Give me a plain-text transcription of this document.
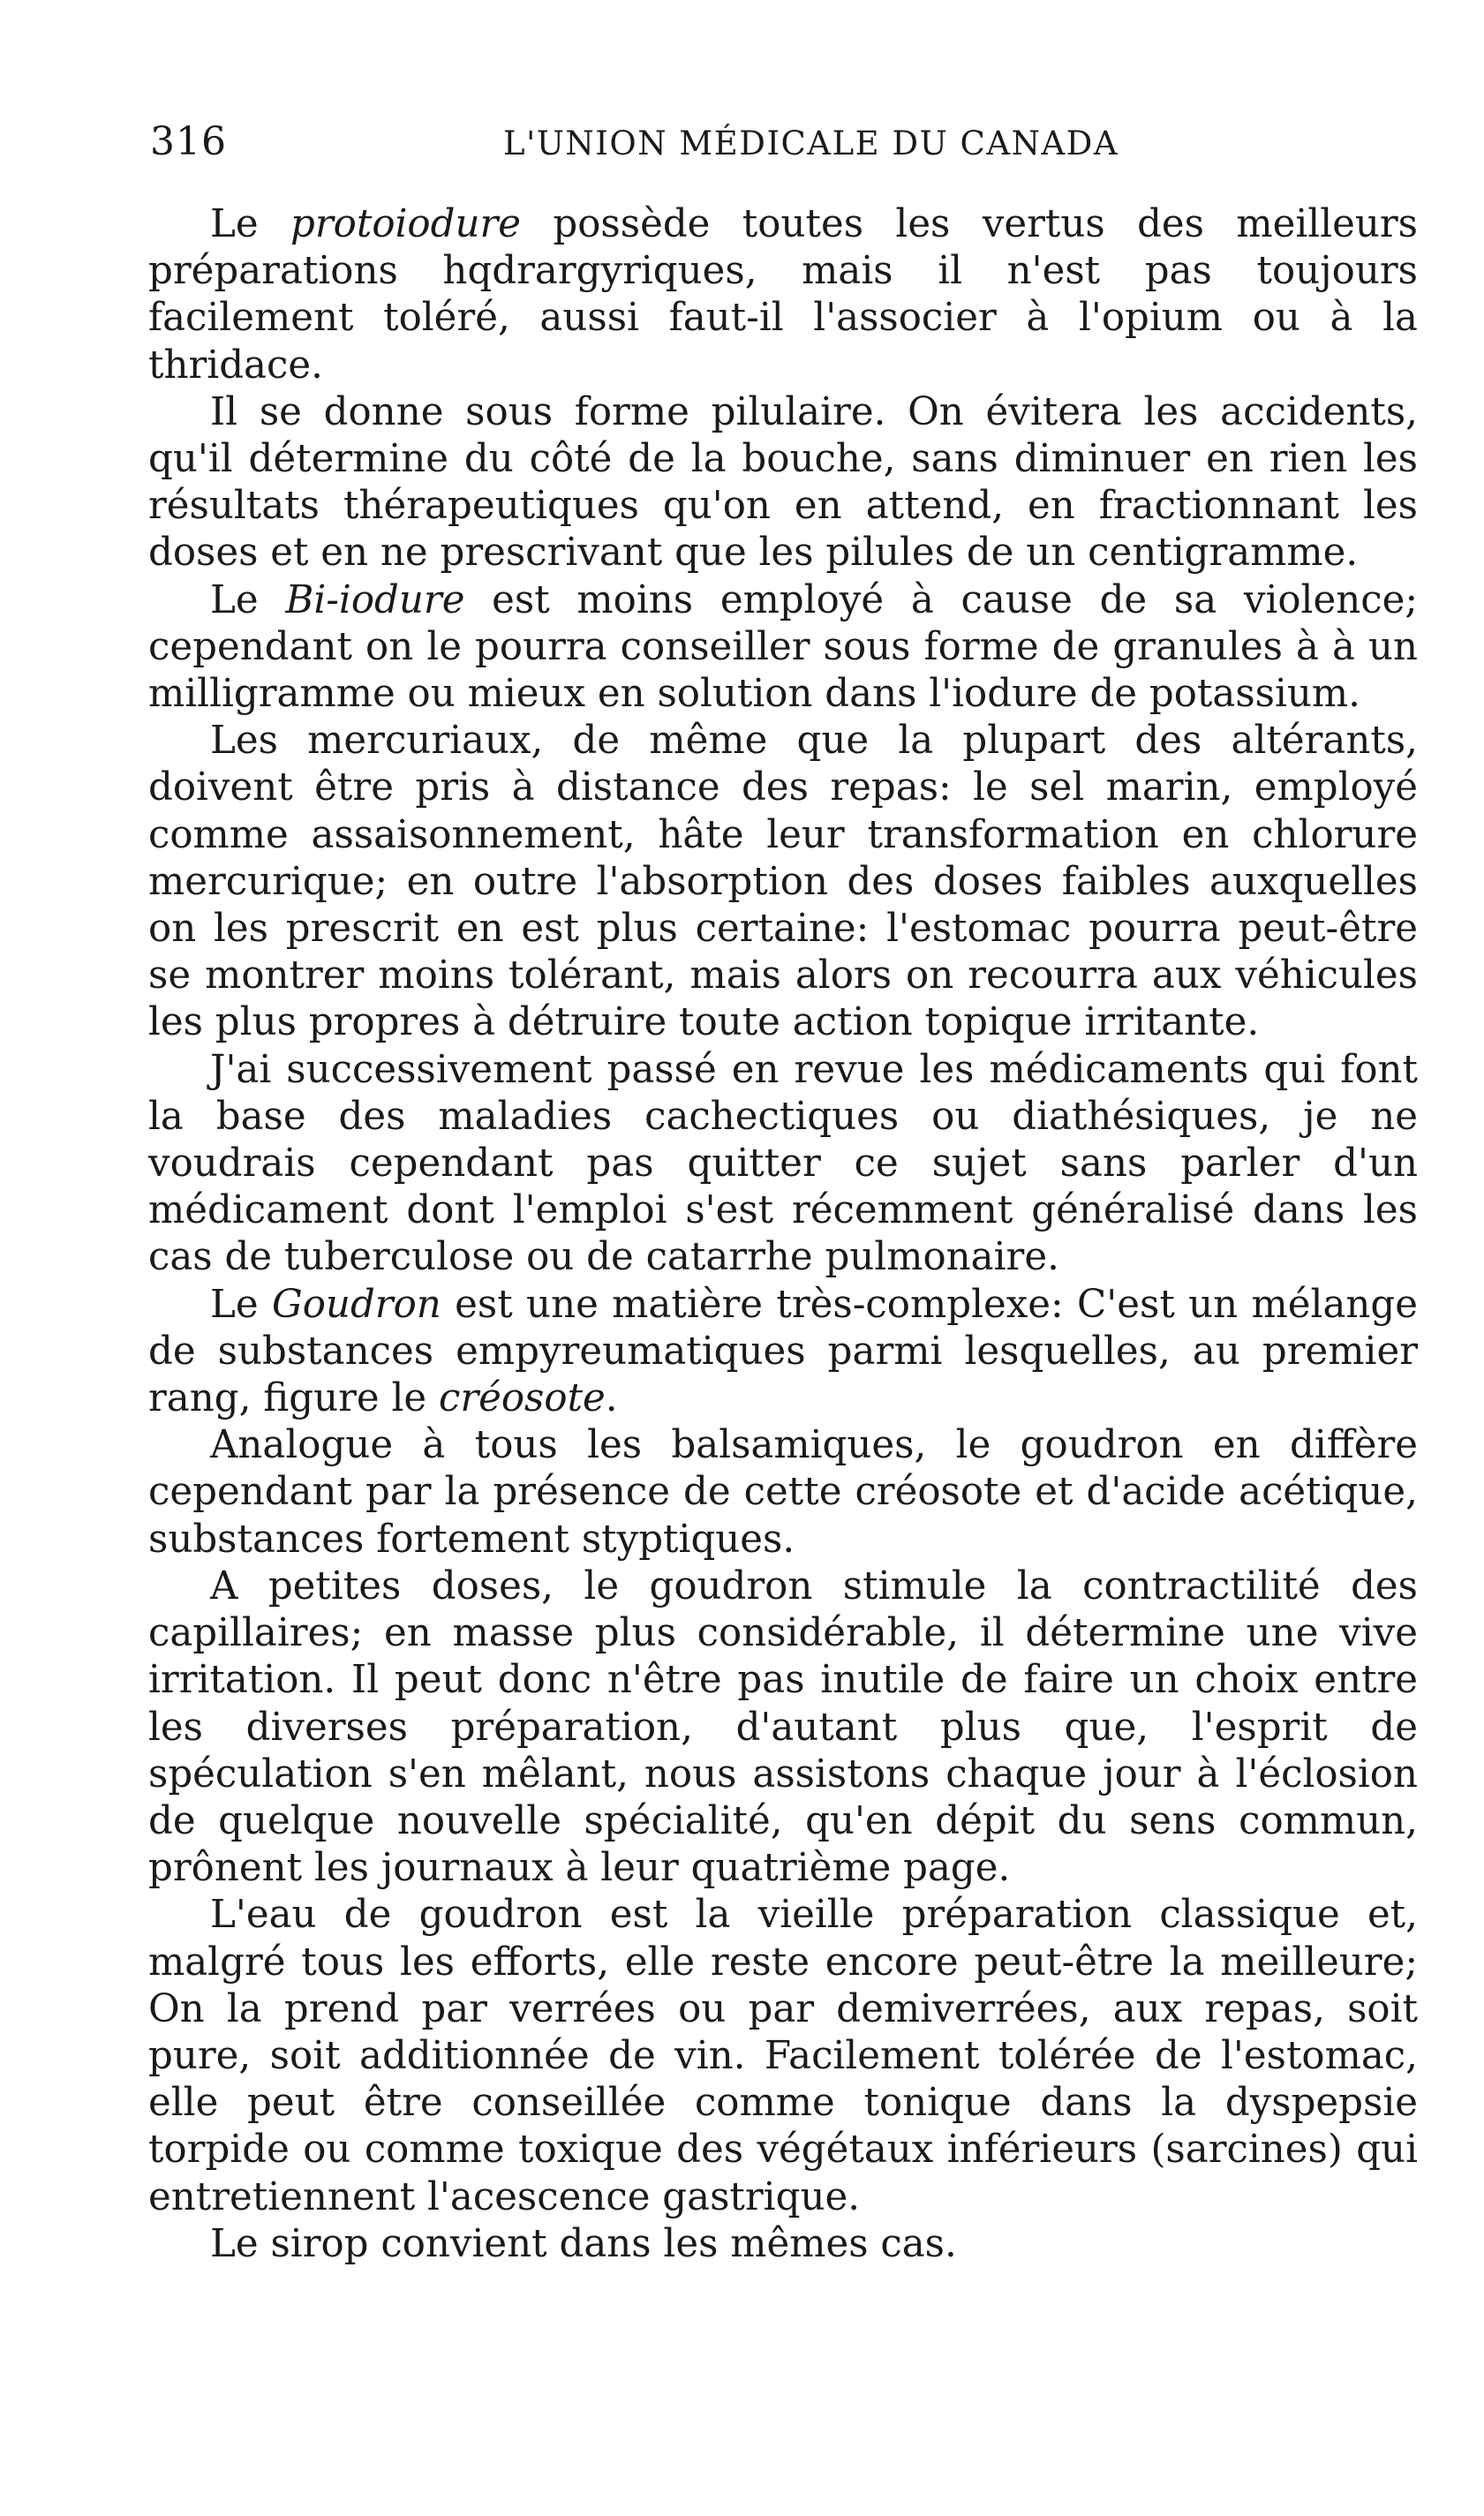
316	L'UNION MÉDICALE DU CANADA

Le protoiodure possède toutes les vertus des meilleurs préparations hqdrargyriques, mais il n'est pas toujours facilement toléré, aussi faut-il l'associer à l'opium ou à la thridace.

Il se donne sous forme pilulaire. On évitera les accidents, qu'il détermine du côté de la bouche, sans diminuer en rien les résultats thérapeutiques qu'on en attend, en fractionnant les doses et en ne prescrivant que les pilules de un centigramme.

Le Bi-iodure est moins employé à cause de sa violence; cependant on le pourra conseiller sous forme de granules à à un milligramme ou mieux en solution dans l'iodure de potassium.

Les mercuriaux, de même que la plupart des altérants, doivent être pris à distance des repas: le sel marin, employé comme assaisonnement, hâte leur transformation en chlorure mercurique; en outre l'absorption des doses faibles auxquelles on les prescrit en est plus certaine: l'estomac pourra peut-être se montrer moins tolérant, mais alors on recourra aux véhicules les plus propres à détruire toute action topique irritante.

J'ai successivement passé en revue les médicaments qui font la base des maladies cachectiques ou diathésiques, je ne voudrais cependant pas quitter ce sujet sans parler d'un médicament dont l'emploi s'est récemment généralisé dans les cas de tuberculose ou de catarrhe pulmonaire.

Le Goudron est une matière très-complexe: C'est un mélange de substances empyreumatiques parmi lesquelles, au premier rang, figure le créosote.

Analogue à tous les balsamiques, le goudron en diffère cependant par la présence de cette créosote et d'acide acétique, substances fortement styptiques.

A petites doses, le goudron stimule la contractilité des capillaires; en masse plus considérable, il détermine une vive irritation. Il peut donc n'être pas inutile de faire un choix entre les diverses préparation, d'autant plus que, l'esprit de spéculation s'en mêlant, nous assistons chaque jour à l'éclosion de quelque nouvelle spécialité, qu'en dépit du sens commun, prônent les journaux à leur quatrième page.

L'eau de goudron est la vieille préparation classique et, malgré tous les efforts, elle reste encore peut-être la meilleure; On la prend par verrées ou par demiverrées, aux repas, soit pure, soit additionnée de vin. Facilement tolérée de l'estomac, elle peut être conseillée comme tonique dans la dyspepsie torpide ou comme toxique des végétaux inférieurs (sarcines) qui entretiennent l'acescence gastrique.

Le sirop convient dans les mêmes cas.
